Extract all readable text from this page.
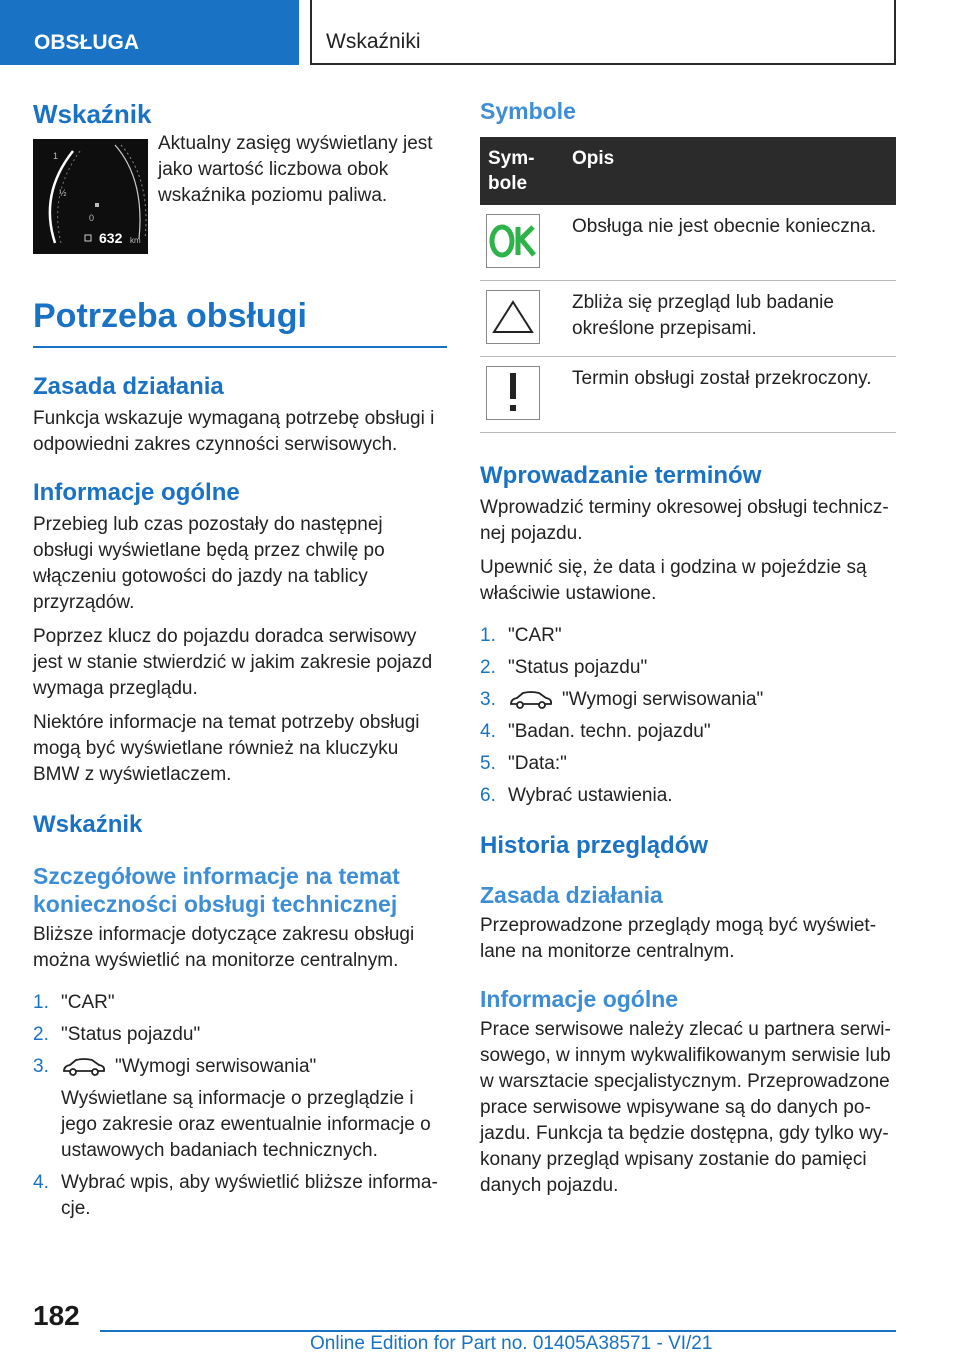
OBSŁUGA	Wskaźniki
Wskaźnik
1
½
0
632 km
Aktualny zasięg wyświetlany jest jako wartość liczbowa obok wskaźnika poziomu paliwa.
Potrzeba obsługi
Zasada działania

Funkcja wskazuje wymaganą potrzebę obsługi i odpowiedni zakres czynności serwisowych.

Informacje ogólne

Przebieg lub czas pozostały do następnej obsługi wyświetlane będą przez chwilę po włączeniu gotowości do jazdy na tablicy przyrządów.

Poprzez klucz do pojazdu doradca serwisowy jest w stanie stwierdzić w jakim zakresie pojazd wymaga przeglądu.

Niektóre informacje na temat potrzeby obsługi mogą być wyświetlane również na kluczyku BMW z wyświetlaczem.

Wskaźnik
Szczegółowe informacje na temat konieczności obsługi technicznej

Bliższe informacje dotyczące zakresu obsługi można wyświetlić na monitorze centralnym.

1. "CAR"
2. "Status pojazdu"
3.	"Wymogi serwisowania"
Wyświetlane są informacje o przeglądzie i jego zakresie oraz ewentualnie informacje o ustawowych badaniach technicznych.
4. Wybrać wpis, aby wyświetlić bliższe informacje.
Symbole
Symbole	Opis

	Obsługa nie jest obecnie konieczna.

	Zbliża się przegląd lub badanie określone przepisami.

	Termin obsługi został przekroczony.
Wprowadzanie terminów

Wprowadzić terminy okresowej obsługi technicznej pojazdu.

Upewnić się, że data i godzina w pojeździe są właściwie ustawione.

1. "CAR"
2. "Status pojazdu"
3.	"Wymogi serwisowania"
4. "Badan. techn. pojazdu"
5. "Data:"
6. Wybrać ustawienia.
Historia przeglądów
Zasada działania

Przeprowadzone przeglądy mogą być wyświetlane na monitorze centralnym.

Informacje ogólne

Prace serwisowe należy zlecać u partnera serwisowego, w innym wykwalifikowanym serwisie lub w warsztacie specjalistycznym. Przeprowadzone prace serwisowe wpisywane są do danych pojazdu. Funkcja ta będzie dostępna, gdy tylko wykonany przegląd wpisany zostanie do pamięci danych pojazdu.

182
Online Edition for Part no. 01405A38571 - VI/21
